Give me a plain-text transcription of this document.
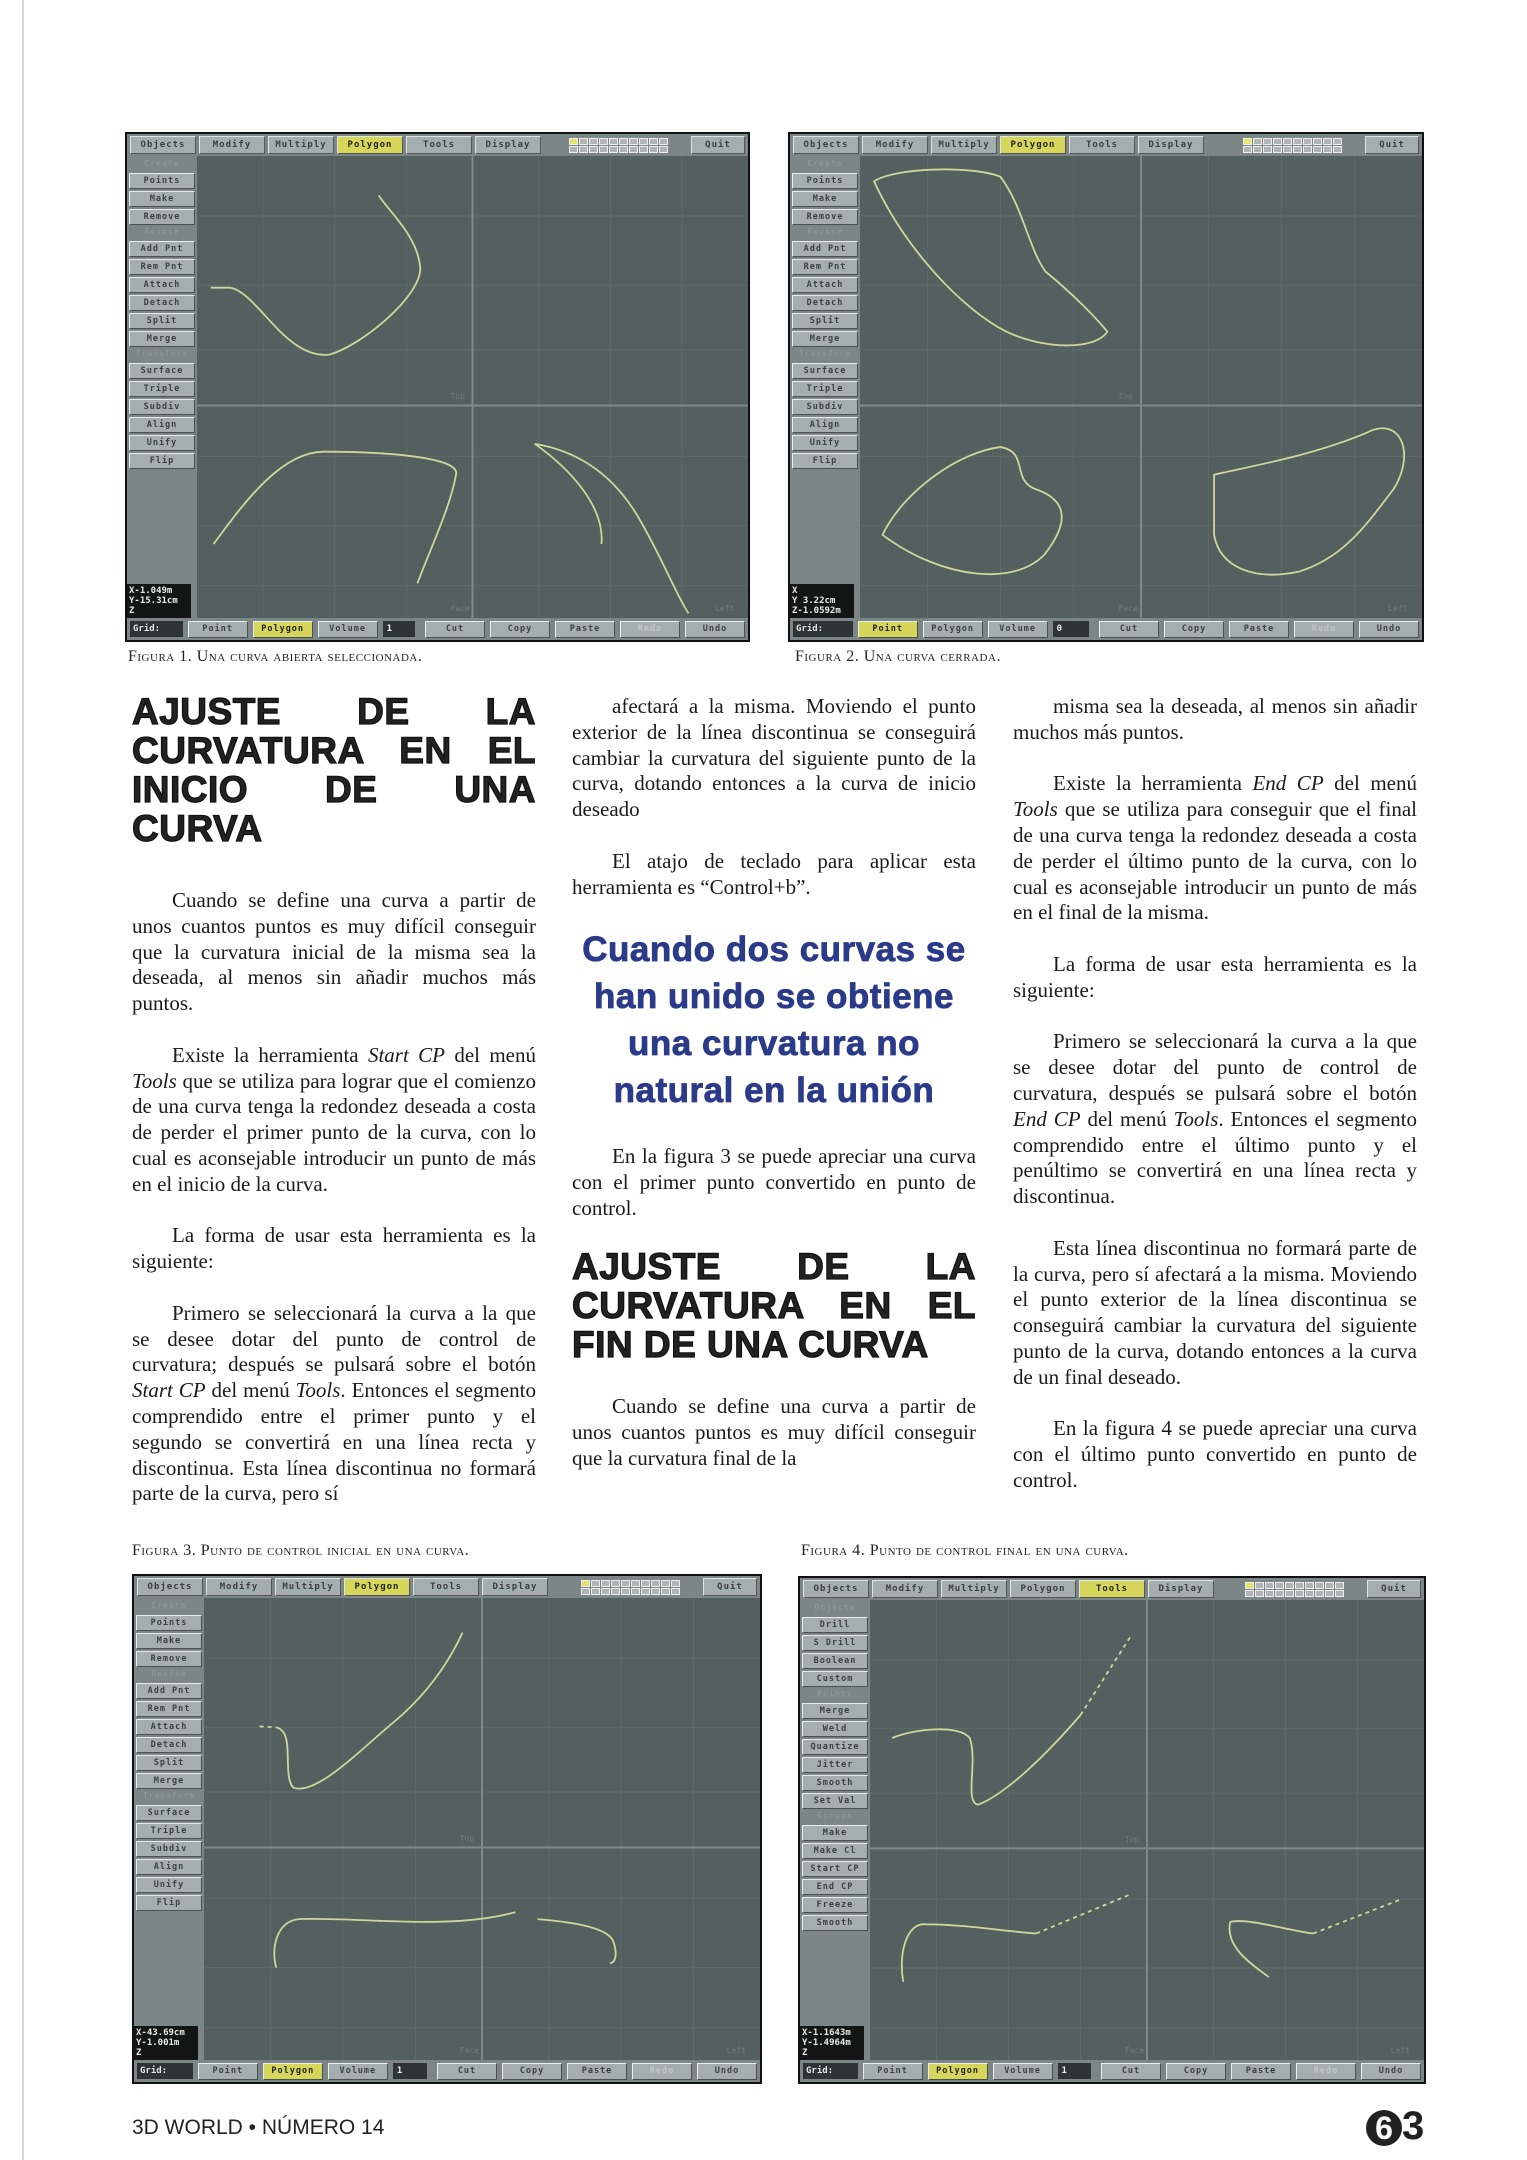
Objects	Modify	Multiply	Polygon	Tools	Display	Quit
Create
Points
Make
Remove
Revise
Add Pnt
Rem Pnt
Attach
Detach
Split
Merge
Transform
Surface
Triple
Subdiv
Align
Unify
Flip
X-1.049m
Y-15.31cm
Z
Top
Face	Left
Grid:	Point	Polygon	Volume	1	Cut	Copy	Paste	Redo	Undo
Figura 1. Una curva abierta seleccionada.
Objects	Modify	Multiply	Polygon	Tools	Display	Quit
Create
Points
Make
Remove
Revise
Add Pnt
Rem Pnt
Attach
Detach
Split
Merge
Transform
Surface
Triple
Subdiv
Align
Unify
Flip
X
Y 3.22cm
Z-1.0592m
Top
Face	Left
Grid:	Point	Polygon	Volume	0	Cut	Copy	Paste	Redo	Undo
Figura 2. Una curva cerrada.
AJUSTE DE LA CURVATURA EN EL INICIO DE UNA CURVA

Cuando se define una curva a partir de unos cuantos puntos es muy difícil conseguir que la curvatura inicial de la misma sea la deseada, al menos sin añadir muchos más puntos.

Existe la herramienta Start CP del menú Tools que se utiliza para lograr que el comienzo de una curva tenga la redondez deseada a costa de perder el primer punto de la curva, con lo cual es aconsejable introducir un punto de más en el inicio de la curva.

La forma de usar esta herramienta es la siguiente:

Primero se seleccionará la curva a la que se desee dotar del punto de control de curvatura; después se pulsará sobre el botón Start CP del menú Tools. Entonces el segmento comprendido entre el primer punto y el segundo se convertirá en una línea recta y discontinua. Esta línea discontinua no formará parte de la curva, pero sí

afectará a la misma. Moviendo el punto exterior de la línea discontinua se conseguirá cambiar la curvatura del siguiente punto de la curva, dotando entonces a la curva de inicio deseado

El atajo de teclado para aplicar esta herramienta es “Control+b”.

Cuando dos curvas se han unido se obtiene una curvatura no natural en la unión

En la figura 3 se puede apreciar una curva con el primer punto convertido en punto de control.

AJUSTE DE LA CURVATURA EN EL FIN DE UNA CURVA

Cuando se define una curva a partir de unos cuantos puntos es muy difícil conseguir que la curvatura final de la

misma sea la deseada, al menos sin añadir muchos más puntos.

Existe la herramienta End CP del menú Tools que se utiliza para conseguir que el final de una curva tenga la redondez deseada a costa de perder el último punto de la curva, con lo cual es aconsejable introducir un punto de más en el final de la misma.

La forma de usar esta herramienta es la siguiente:

Primero se seleccionará la curva a la que se desee dotar del punto de control de curvatura, después se pulsará sobre el botón End CP del menú Tools. Entonces el segmento comprendido entre el último punto y el penúltimo se convertirá en una línea recta y discontinua.

Esta línea discontinua no formará parte de la curva, pero sí afectará a la misma. Moviendo el punto exterior de la línea discontinua se conseguirá cambiar la curvatura del siguiente punto de la curva, dotando entonces a la curva de un final deseado.

En la figura 4 se puede apreciar una curva con el último punto convertido en punto de control.

Figura 3. Punto de control inicial en una curva.
Objects	Modify	Multiply	Polygon	Tools	Display	Quit
Create
Points
Make
Remove
Revise
Add Pnt
Rem Pnt
Attach
Detach
Split
Merge
Transform
Surface
Triple
Subdiv
Align
Unify
Flip
X-43.69cm
Y-1.001m
Z
Top
Face	Left
Grid:	Point	Polygon	Volume	1	Cut	Copy	Paste	Redo	Undo
Figura 4. Punto de control final en una curva.
Objects	Modify	Multiply	Polygon	Tools	Display	Quit
Objects
Drill
S Drill
Boolean
Custom
Points
Merge
Weld
Quantize
Jitter
Smooth
Set Val
Curves
Make
Make Cl
Start CP
End CP
Freeze
Smooth
X-1.1643m
Y-1.4964m
Z
Top
Face	Left
Grid:	Point	Polygon	Volume	1	Cut	Copy	Paste	Redo	Undo
3D WORLD • NÚMERO 14	6 3
